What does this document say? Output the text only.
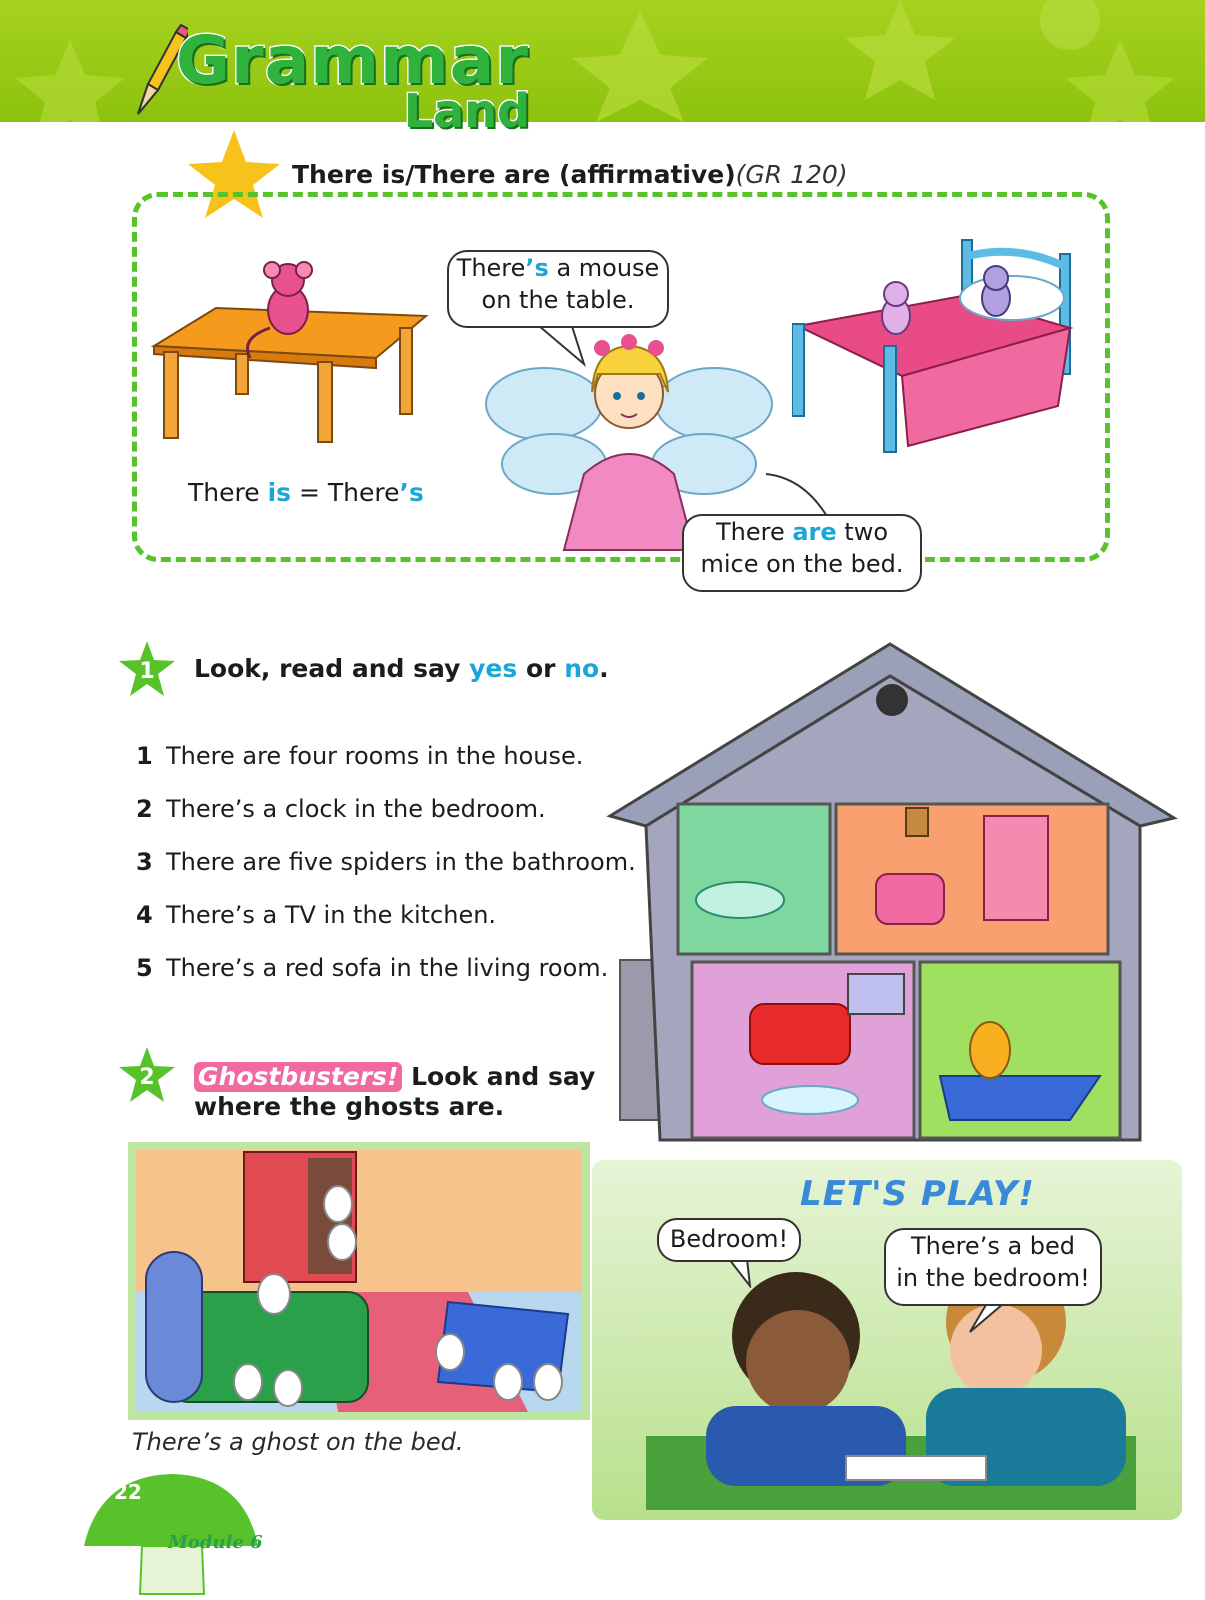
Grammar
Land
There is/There are (affirmative)(GR 120)
There is = There’s
There’s a mouse
on the table.
There are two
mice on the bed.
1 Look, read and say yes or no.
1 There are four rooms in the house.
2 There’s a clock in the bedroom.
3 There are five spiders in the bathroom.
4 There’s a TV in the kitchen.
5 There’s a red sofa in the living room.
2 Ghostbusters! Look and say
where the ghosts are.
There’s a ghost on the bed.
LET'S PLAY!
Bedroom!	There’s a bed
in the bedroom!
22
Module 6
